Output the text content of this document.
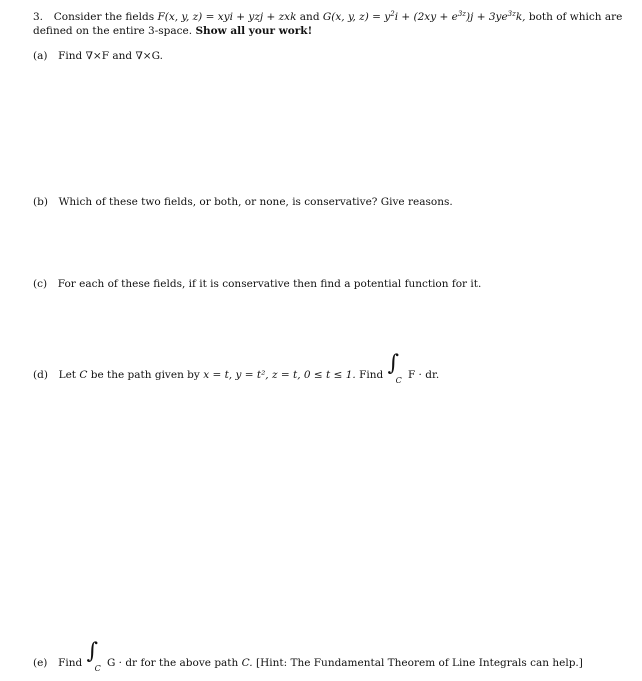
3. Consider the fields F(x, y, z) = xyi + yzj + zxk and G(x, y, $z) = y^2i + (2xy + e^{3z})j + 3ye^{3z}k$, both of which are
defined on the entire 3-space. Show all your work!
(a) Find ∇×F and ∇×G.
(b) Which of these two fields, or both, or none, is conservative? Give reasons.
(c) For each of these fields, if it is conservative then find a potential function for it.
(d) Let C be the path given by x = t, y = t², z = t, 0 ≤ t ≤ 1. Find ∫
C F · dr.
(e) Find ∫
C G · dr for the above path C. [Hint: The Fundamental Theorem of Line Integrals can help.]
